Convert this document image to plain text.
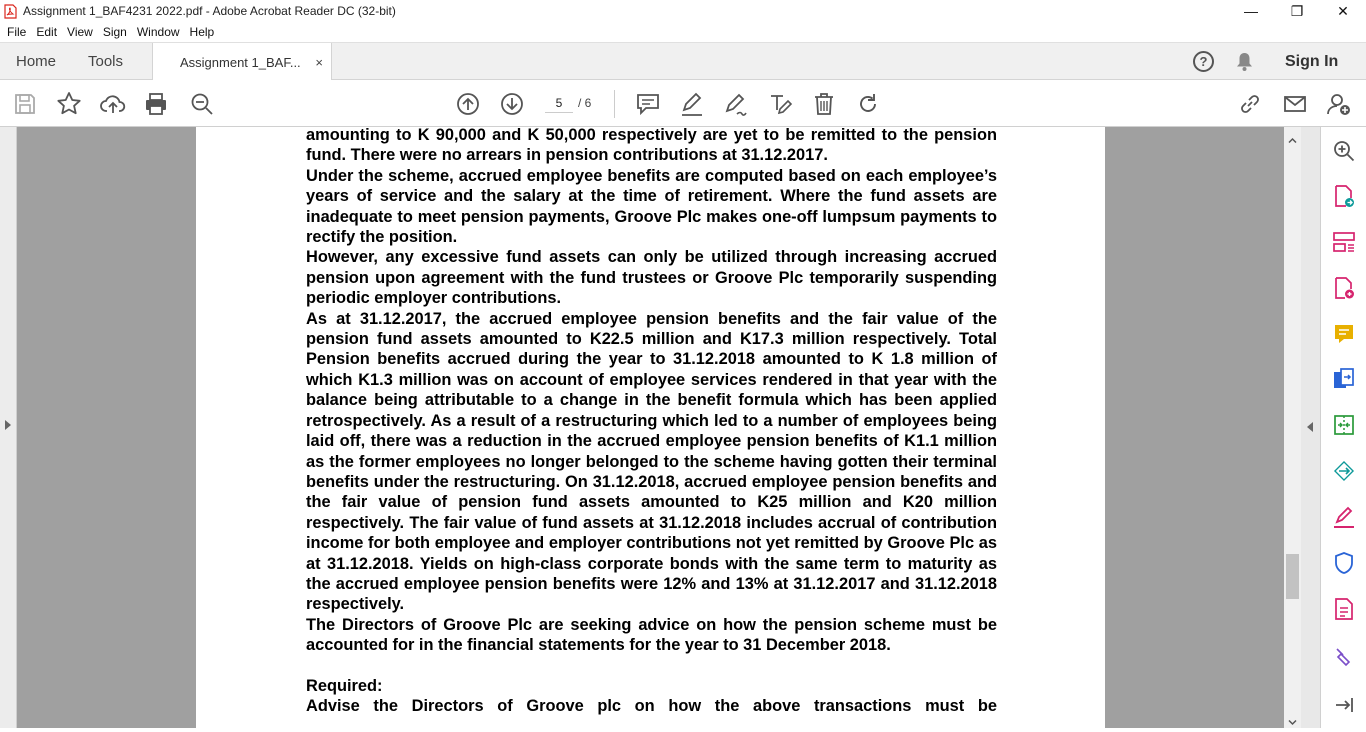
Assignment 1_BAF4231 2022.pdf - Adobe Acrobat Reader DC (32-bit)	—	❐	✕
File Edit View Sign Window Help
Home Tools	Assignment 1_BAF... ×	?	Sign In
5	/ 6

amounting to K 90,000 and K 50,000 respectively are yet to be remitted to the pension fund. There were no arrears in pension contributions at 31.12.2017.

Under the scheme, accrued employee benefits are computed based on each employee’s years of service and the salary at the time of retirement. Where the fund assets are inadequate to meet pension payments, Groove Plc makes one-off lumpsum payments to rectify the position.

However, any excessive fund assets can only be utilized through increasing accrued pension upon agreement with the fund trustees or Groove Plc temporarily suspending periodic employer contributions.

As at 31.12.2017, the accrued employee pension benefits and the fair value of the pension fund assets amounted to K22.5 million and K17.3 million respectively. Total Pension benefits accrued during the year to 31.12.2018 amounted to K 1.8 million of which K1.3 million was on account of employee services rendered in that year with the balance being attributable to a change in the benefit formula which has been applied retrospectively. As a result of a restructuring which led to a number of employees being laid off, there was a reduction in the accrued employee pension benefits of K1.1 million as the former employees no longer belonged to the scheme having gotten their terminal benefits under the restructuring. On 31.12.2018, accrued employee pension benefits and the fair value of pension fund assets amounted to K25 million and K20 million respectively. The fair value of fund assets at 31.12.2018 includes accrual of contribution income for both employee and employer contributions not yet remitted by Groove Plc as at 31.12.2018. Yields on high-class corporate bonds with the same term to maturity as the accrued employee pension benefits were 12% and 13% at 31.12.2017 and 31.12.2018 respectively.

The Directors of Groove Plc are seeking advice on how the pension scheme must be accounted for in the financial statements for the year to 31 December 2018.

Required:

Advise the Directors of Groove plc on how the above transactions must be
